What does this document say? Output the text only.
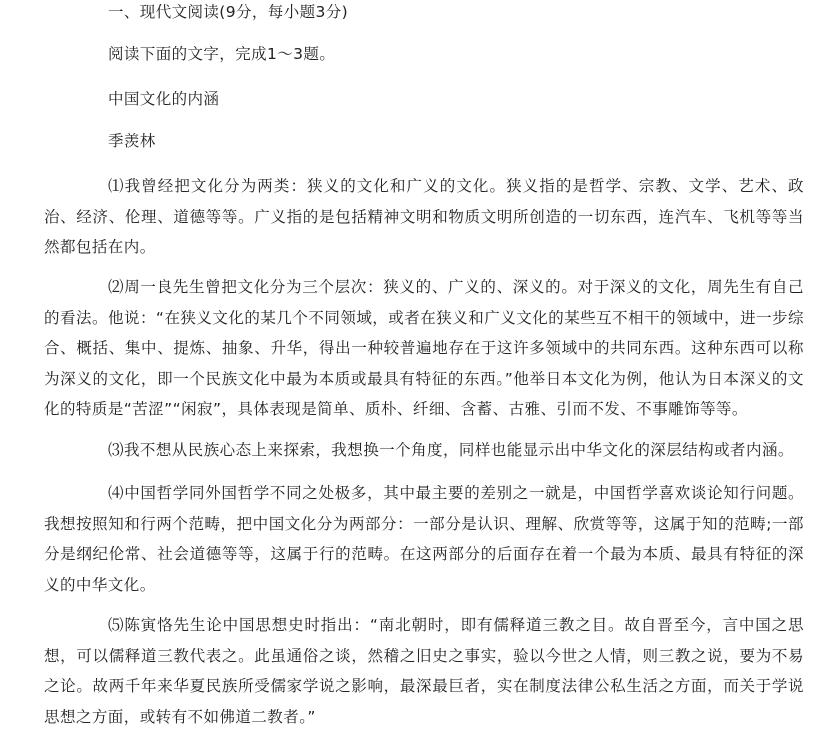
一、现代文阅读(9分，每小题3分)
阅读下面的文字，完成1～3题。
中国文化的内涵
季羡林
⑴我曾经把文化分为两类：狭义的文化和广义的文化。狭义指的是哲学、宗教、文学、艺术、政治、经济、伦理、道德等等。广义指的是包括精神文明和物质文明所创造的一切东西，连汽车、飞机等等当然都包括在内。
⑵周一良先生曾把文化分为三个层次：狭义的、广义的、深义的。对于深义的文化，周先生有自己的看法。他说：“在狭义文化的某几个不同领域，或者在狭义和广义文化的某些互不相干的领域中，进一步综合、概括、集中、提炼、抽象、升华，得出一种较普遍地存在于这许多领域中的共同东西。这种东西可以称为深义的文化，即一个民族文化中最为本质或最具有特征的东西。”他举日本文化为例，他认为日本深义的文化的特质是“苦涩”“闲寂”，具体表现是简单、质朴、纤细、含蓄、古雅、引而不发、不事雕饰等等。
⑶我不想从民族心态上来探索，我想换一个角度，同样也能显示出中华文化的深层结构或者内涵。
⑷中国哲学同外国哲学不同之处极多，其中最主要的差别之一就是，中国哲学喜欢谈论知行问题。我想按照知和行两个范畴，把中国文化分为两部分：一部分是认识、理解、欣赏等等，这属于知的范畴;一部分是纲纪伦常、社会道德等等，这属于行的范畴。在这两部分的后面存在着一个最为本质、最具有特征的深义的中华文化。
⑸陈寅恪先生论中国思想史时指出：“南北朝时，即有儒释道三教之目。故自晋至今，言中国之思想，可以儒释道三教代表之。此虽通俗之谈，然稽之旧史之事实，验以今世之人情，则三教之说，要为不易之论。故两千年来华夏民族所受儒家学说之影响，最深最巨者，实在制度法律公私生活之方面，而关于学说思想之方面，或转有不如佛道二教者。”
